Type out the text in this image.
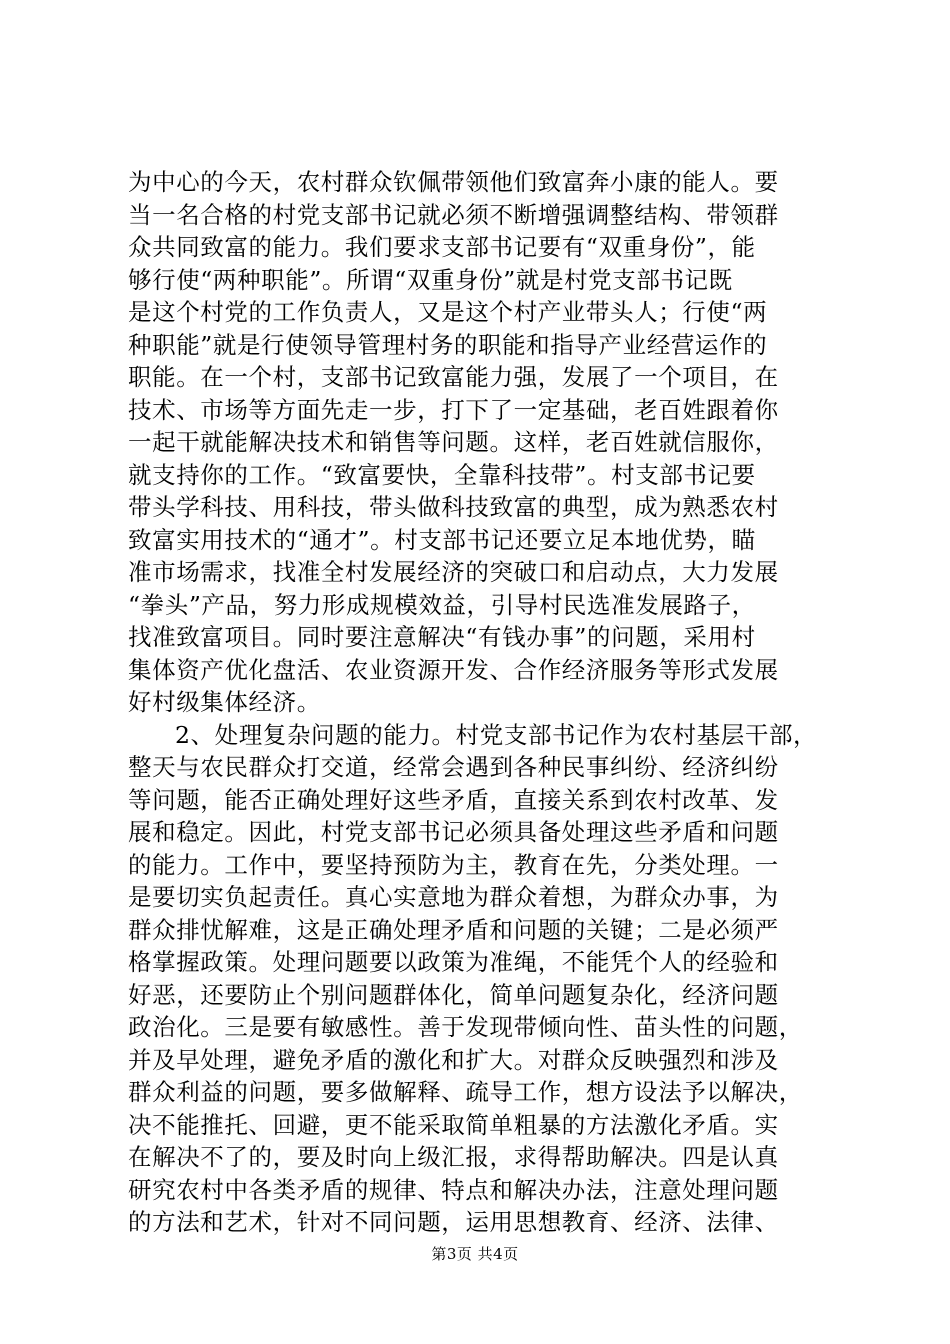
为中心的今天，农村群众钦佩带领他们致富奔小康的能人。要
当一名合格的村党支部书记就必须不断增强调整结构、带领群
众共同致富的能力。我们要求支部书记要有“双重身份”，能
够行使“两种职能”。所谓“双重身份”就是村党支部书记既
是这个村党的工作负责人，又是这个村产业带头人；行使“两
种职能”就是行使领导管理村务的职能和指导产业经营运作的
职能。在一个村，支部书记致富能力强，发展了一个项目，在
技术、市场等方面先走一步，打下了一定基础，老百姓跟着你
一起干就能解决技术和销售等问题。这样，老百姓就信服你，
就支持你的工作。“致富要快，全靠科技带”。村支部书记要
带头学科技、用科技，带头做科技致富的典型，成为熟悉农村
致富实用技术的“通才”。村支部书记还要立足本地优势，瞄
准市场需求，找准全村发展经济的突破口和启动点，大力发展
“拳头”产品，努力形成规模效益，引导村民选准发展路子，
找准致富项目。同时要注意解决“有钱办事”的问题，采用村
集体资产优化盘活、农业资源开发、合作经济服务等形式发展
好村级集体经济。
2、处理复杂问题的能力。村党支部书记作为农村基层干部，
整天与农民群众打交道，经常会遇到各种民事纠纷、经济纠纷
等问题，能否正确处理好这些矛盾，直接关系到农村改革、发
展和稳定。因此，村党支部书记必须具备处理这些矛盾和问题
的能力。工作中，要坚持预防为主，教育在先，分类处理。一
是要切实负起责任。真心实意地为群众着想，为群众办事，为
群众排忧解难，这是正确处理矛盾和问题的关键；二是必须严
格掌握政策。处理问题要以政策为准绳，不能凭个人的经验和
好恶，还要防止个别问题群体化，简单问题复杂化，经济问题
政治化。三是要有敏感性。善于发现带倾向性、苗头性的问题，
并及早处理，避免矛盾的激化和扩大。对群众反映强烈和涉及
群众利益的问题，要多做解释、疏导工作，想方设法予以解决，
决不能推托、回避，更不能采取简单粗暴的方法激化矛盾。实
在解决不了的，要及时向上级汇报，求得帮助解决。四是认真
研究农村中各类矛盾的规律、特点和解决办法，注意处理问题
的方法和艺术，针对不同问题，运用思想教育、经济、法律、
第3页 共4页
